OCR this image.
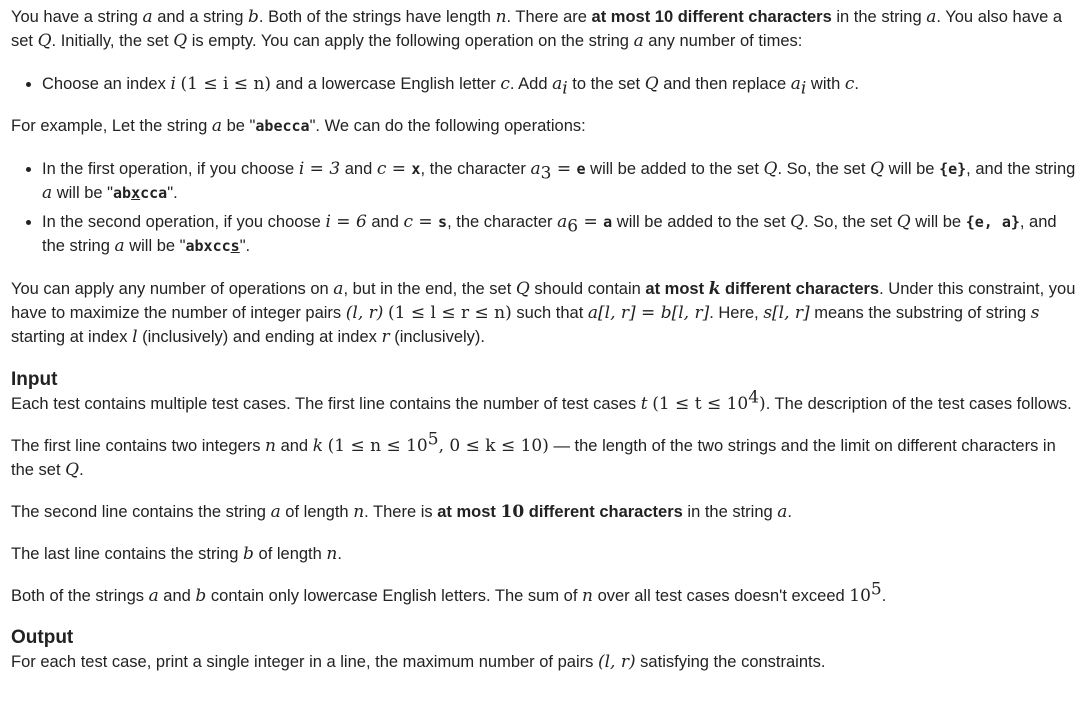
You have a string a and a string b. Both of the strings have length n. There are at most 10 different characters in the string a. You also have a set Q. Initially, the set Q is empty. You can apply the following operation on the string a any number of times:

• Choose an index i (1 ≤ i ≤ n) and a lowercase English letter c. Add $a_i$ to the set Q and then replace $a_i$ with c.

For example, Let the string a be "abecca". We can do the following operations:

• In the first operation, if you choose i = 3 and c = x, the character $a_3 = e$ will be added to the set Q. So, the set Q will be {e}, and the string a will be "abxcca".
• In the second operation, if you choose i = 6 and c = s, the character $a_6 = a$ will be added to the set Q. So, the set Q will be {e, a}, and the string a will be "abxccs".

You can apply any number of operations on a, but in the end, the set Q should contain at most k different characters. Under this constraint, you have to maximize the number of integer pairs (l, r) (1 ≤ l ≤ r ≤ n) such that a[l, r] = b[l, r]. Here, s[l, r] means the substring of string s starting at index l (inclusively) and ending at index r (inclusively).

Input

Each test contains multiple test cases. The first line contains the number of test cases t $(1 \le t \le 10^4)$. The description of the test cases follows.

The first line contains two integers n and k ($1 \le n \le 10^5$, 0 ≤ k ≤ 10) — the length of the two strings and the limit on different characters in the set Q.

The second line contains the string a of length n. There is at most 10 different characters in the string a.

The last line contains the string b of length n.

Both of the strings a and b contain only lowercase English letters. The sum of n over all test cases doesn't exceed $10^5$.

Output

For each test case, print a single integer in a line, the maximum number of pairs (l, r) satisfying the constraints.
